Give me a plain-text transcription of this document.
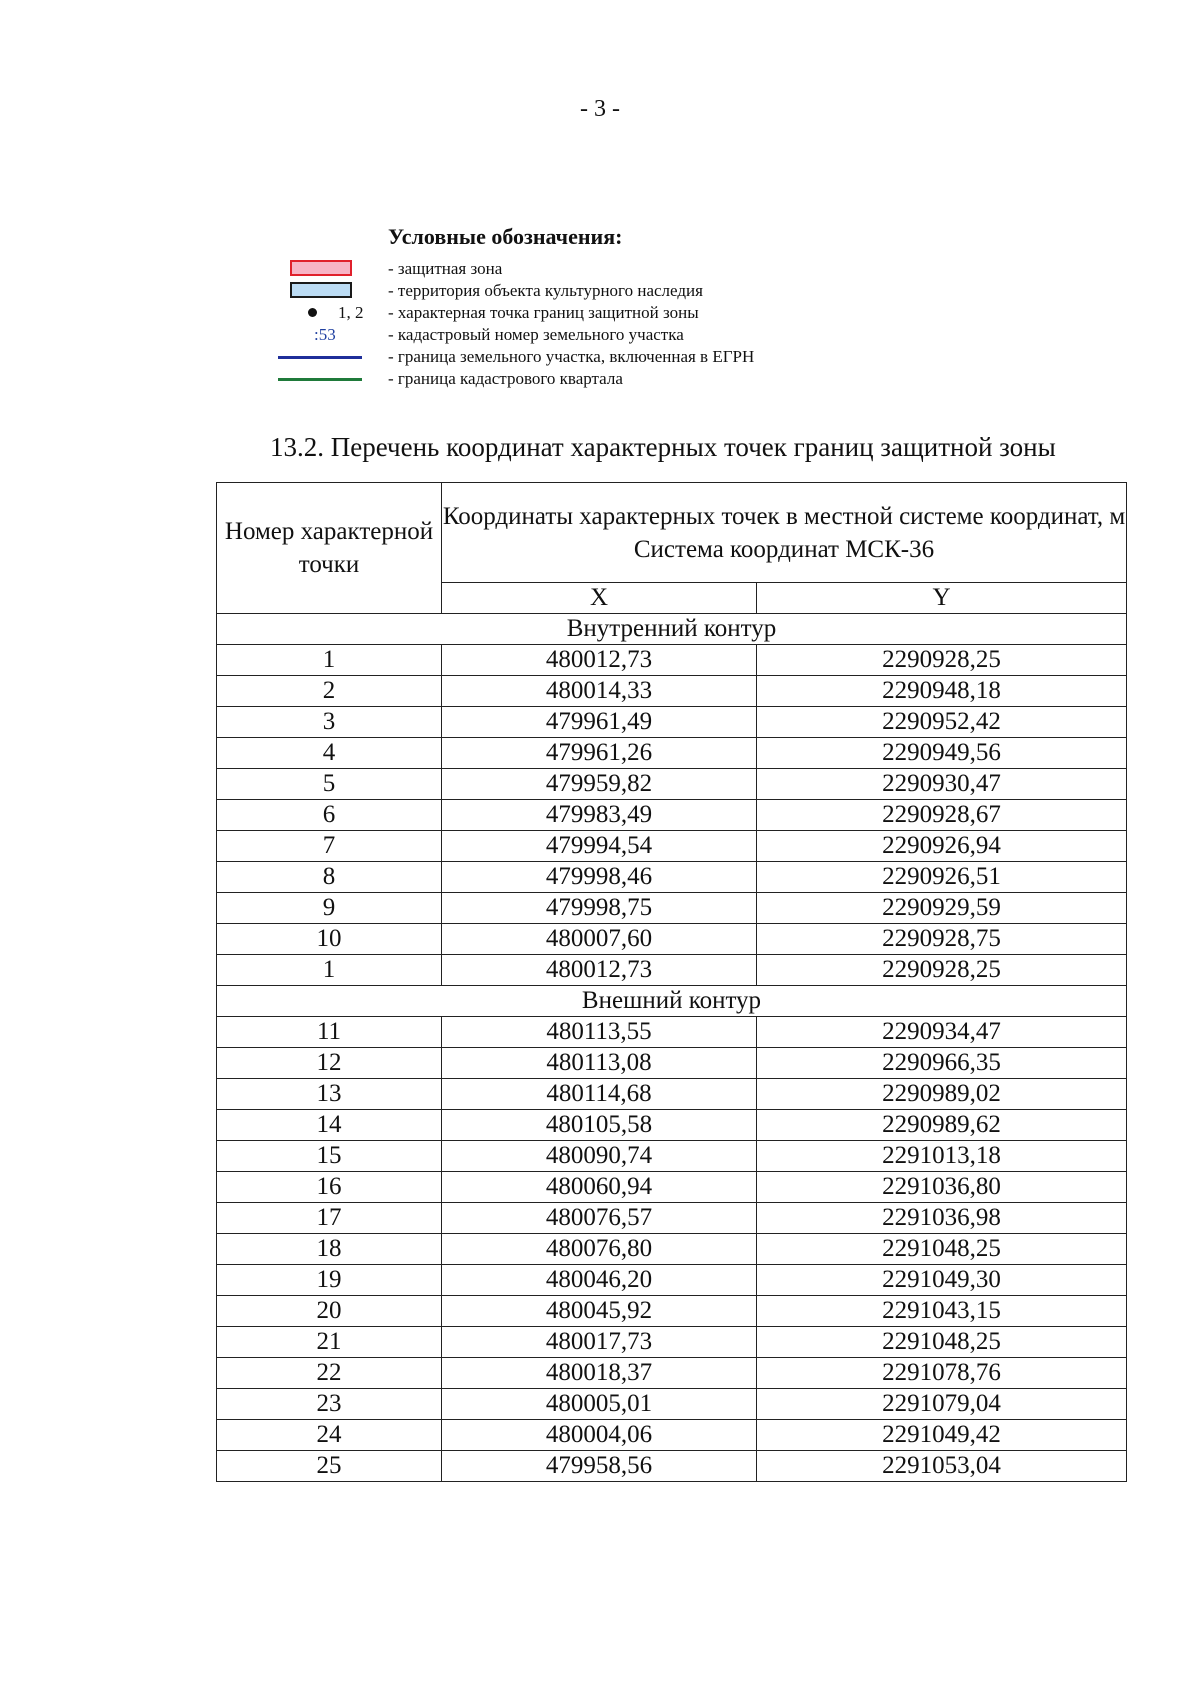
- 3 -
Условные обозначения:
- защитная зона
- территория объекта культурного наследия
1, 2 - характерная точка границ защитной зоны
:53	- кадастровый номер земельного участка
- граница земельного участка, включенная в ЕГРН
- граница кадастрового квартала
13.2. Перечень координат характерных точек границ защитной зоны
Номер характерной точки	Координаты характерных точек в местной системе координат, м Система координат МСК-36	
	X	Y
Внутренний контур		
1	480012,73	2290928,25
2	480014,33	2290948,18
3	479961,49	2290952,42
4	479961,26	2290949,56
5	479959,82	2290930,47
6	479983,49	2290928,67
7	479994,54	2290926,94
8	479998,46	2290926,51
9	479998,75	2290929,59
10	480007,60	2290928,75
1	480012,73	2290928,25
Внешний контур		
11	480113,55	2290934,47
12	480113,08	2290966,35
13	480114,68	2290989,02
14	480105,58	2290989,62
15	480090,74	2291013,18
16	480060,94	2291036,80
17	480076,57	2291036,98
18	480076,80	2291048,25
19	480046,20	2291049,30
20	480045,92	2291043,15
21	480017,73	2291048,25
22	480018,37	2291078,76
23	480005,01	2291079,04
24	480004,06	2291049,42
25	479958,56	2291053,04
